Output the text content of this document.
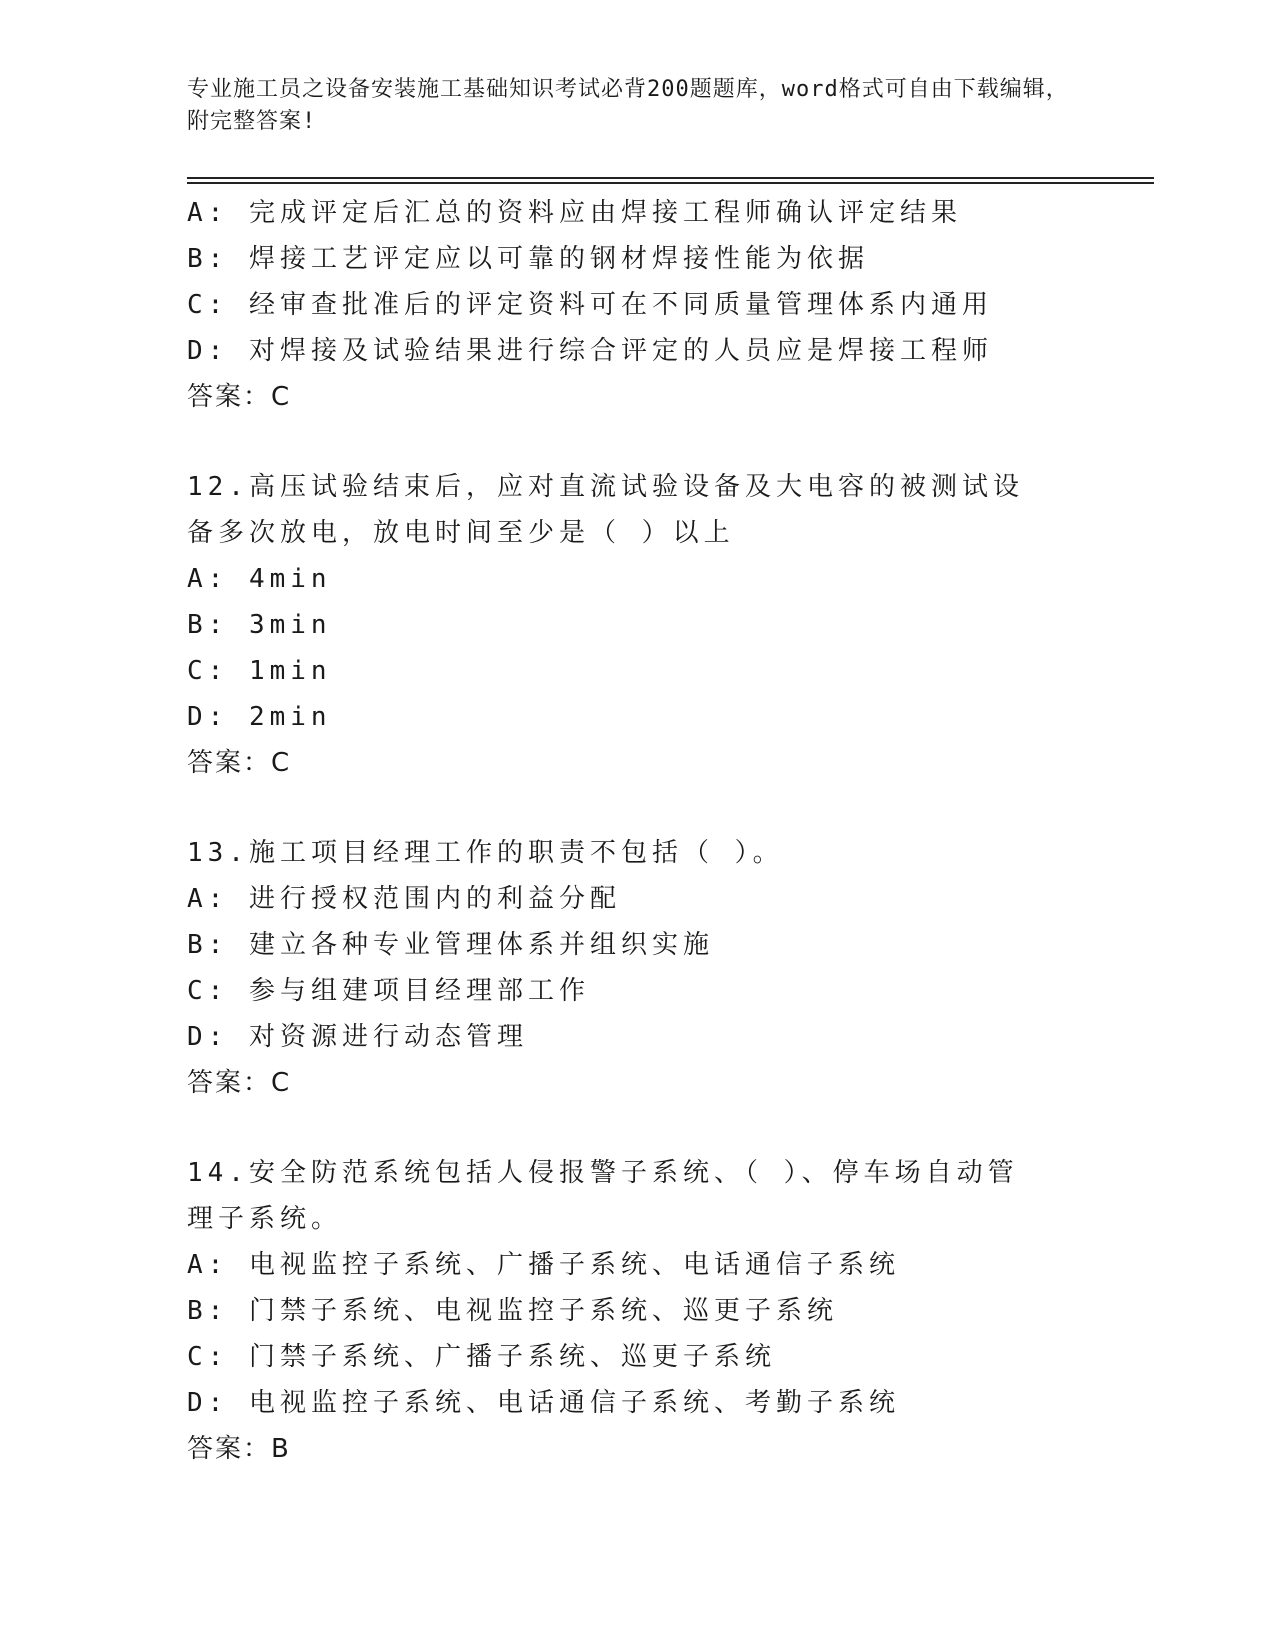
专业施工员之设备安装施工基础知识考试必背200题题库，word格式可自由下载编辑，附完整答案!
A: 完成评定后汇总的资料应由焊接工程师确认评定结果
B: 焊接工艺评定应以可靠的钢材焊接性能为依据
C: 经审查批准后的评定资料可在不同质量管理体系内通用
D: 对焊接及试验结果进行综合评定的人员应是焊接工程师
答案：C
12.高压试验结束后，应对直流试验设备及大电容的被测试设备多次放电，放电时间至少是（ ）以上
A: 4min
B: 3min
C: 1min
D: 2min
答案：C
13.施工项目经理工作的职责不包括（ ）。
A: 进行授权范围内的利益分配
B: 建立各种专业管理体系并组织实施
C: 参与组建项目经理部工作
D: 对资源进行动态管理
答案：C
14.安全防范系统包括人侵报警子系统、（ ）、停车场自动管理子系统。
A: 电视监控子系统、广播子系统、电话通信子系统
B: 门禁子系统、电视监控子系统、巡更子系统
C: 门禁子系统、广播子系统、巡更子系统
D: 电视监控子系统、电话通信子系统、考勤子系统
答案：B
